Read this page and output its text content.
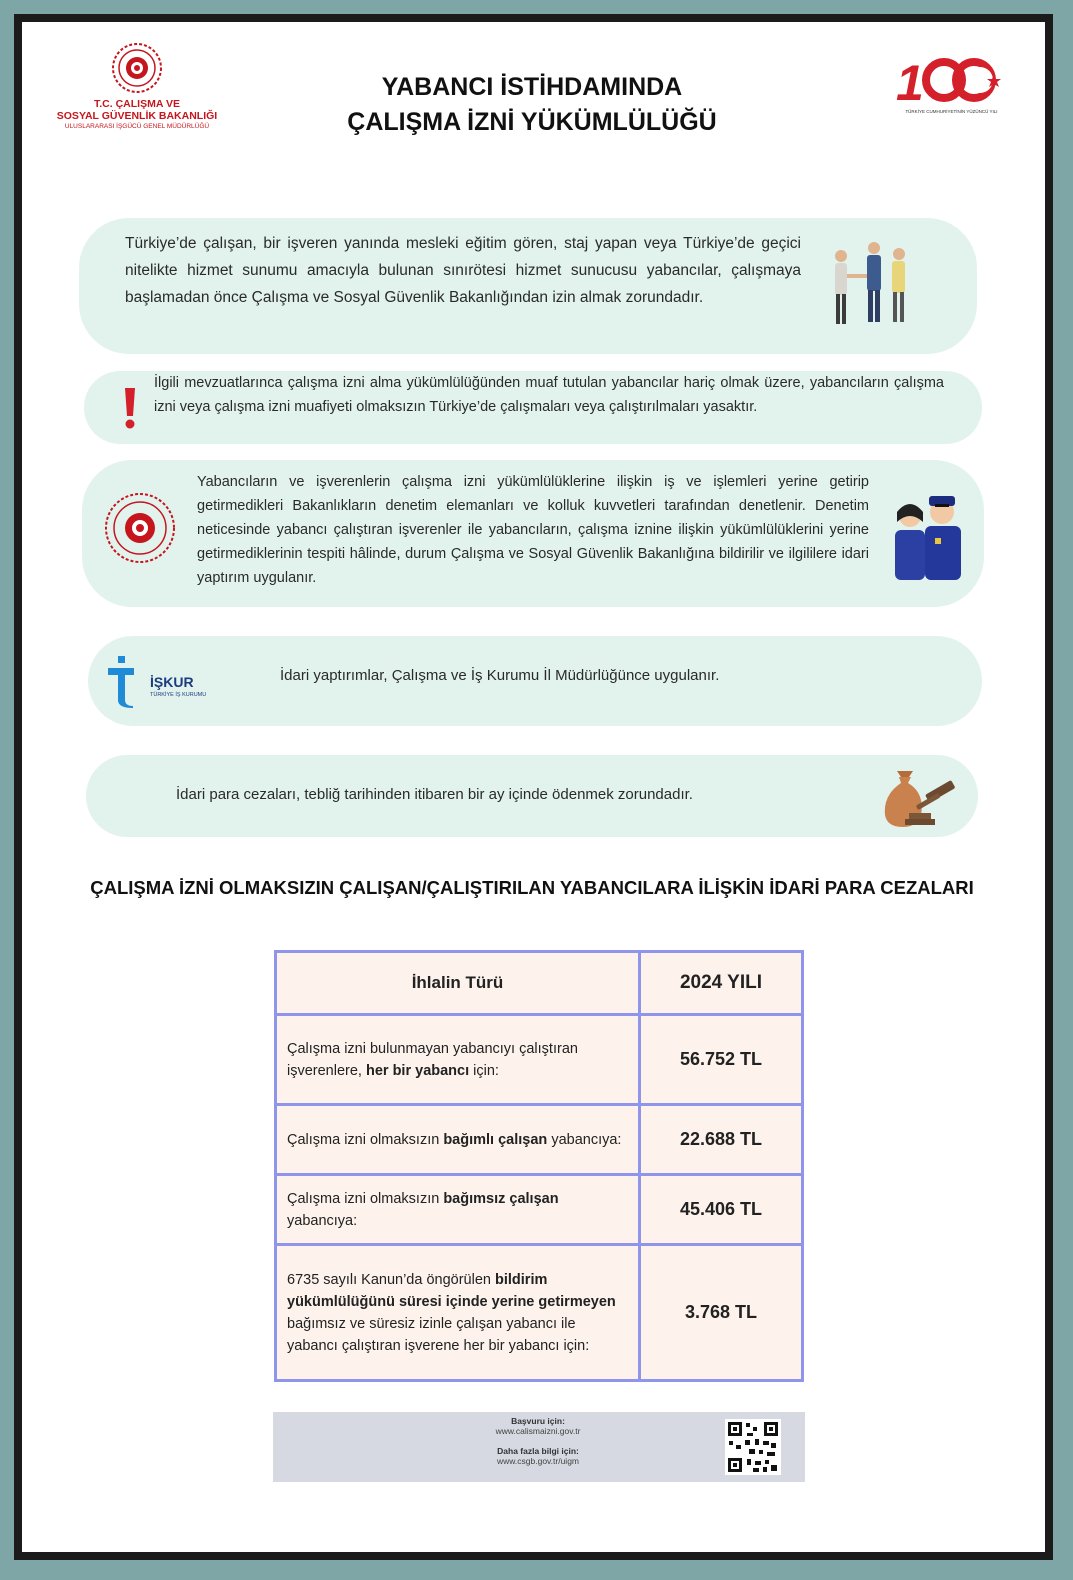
T.C. ÇALIŞMA VE
SOSYAL GÜVENLİK BAKANLIĞI
ULUSLARARASI İŞGÜCÜ GENEL MÜDÜRLÜĞÜ
YABANCI İSTİHDAMINDA
ÇALIŞMA İZNİ YÜKÜMLÜLÜĞÜ
1
TÜRKİYE CUMHURİYETİNİN YÜZÜNCÜ YILI
Türkiye’de çalışan, bir işveren yanında mesleki eğitim gören, staj yapan veya Türkiye’de geçici nitelikte hizmet sunumu amacıyla bulunan sınırötesi hizmet sunucusu yabancılar, çalışmaya başlamadan önce Çalışma ve Sosyal Güvenlik Bakanlığından izin almak zorundadır.
İlgili mevzuatlarınca çalışma izni alma yükümlülüğünden muaf tutulan yabancılar hariç olmak üzere, yabancıların çalışma izni veya çalışma izni muafiyeti olmaksızın Türkiye’de çalışmaları veya çalıştırılmaları yasaktır.
Yabancıların ve işverenlerin çalışma izni yükümlülüklerine ilişkin iş ve işlemleri yerine getirip getirmedikleri Bakanlıkların denetim elemanları ve kolluk kuvvetleri tarafından denetlenir. Denetim neticesinde yabancı çalıştıran işverenler ile yabancıların, çalışma iznine ilişkin yükümlülüklerini yerine getirmediklerinin tespiti hâlinde, durum Çalışma ve Sosyal Güvenlik Bakanlığına bildirilir ve ilgililere idari yaptırım uygulanır.
İŞKUR
TÜRKİYE İŞ KURUMU
İdari yaptırımlar, Çalışma ve İş Kurumu İl Müdürlüğünce uygulanır.
İdari para cezaları, tebliğ tarihinden itibaren bir ay içinde ödenmek zorundadır.
ÇALIŞMA İZNİ OLMAKSIZIN ÇALIŞAN/ÇALIŞTIRILAN YABANCILARA İLİŞKİN İDARİ PARA CEZALARI
İhlalin Türü	2024 YILI
Çalışma izni bulunmayan yabancıyı çalıştıran işverenlere, her bir yabancı için:	56.752 TL
Çalışma izni olmaksızın bağımlı çalışan yabancıya:	22.688 TL
Çalışma izni olmaksızın bağımsız çalışan yabancıya:	45.406 TL
6735 sayılı Kanun’da öngörülen bildirim yükümlülüğünü süresi içinde yerine getirmeyen bağımsız ve süresiz izinle çalışan yabancı ile yabancı çalıştıran işverene her bir yabancı için:	3.768 TL
Başvuru için:
www.calismaizni.gov.tr
Daha fazla bilgi için:
www.csgb.gov.tr/uigm
